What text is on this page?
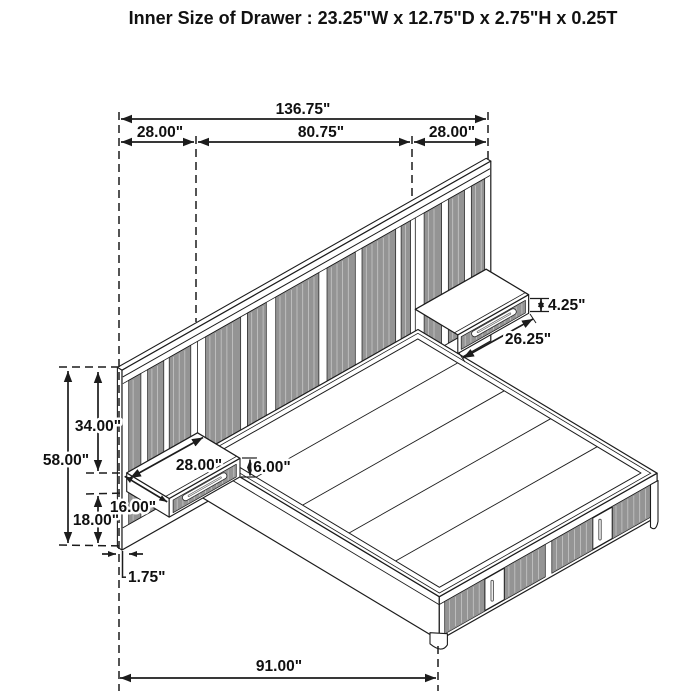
Inner Size of Drawer : 23.25"W x 12.75"D x 2.75"H x 0.25T
136.75"
28.00"	80.75"	28.00"
58.00"
34.00"
18.00"
16.00"
28.00" 6.00"
4.25"
26.25"
1.75"
91.00"
